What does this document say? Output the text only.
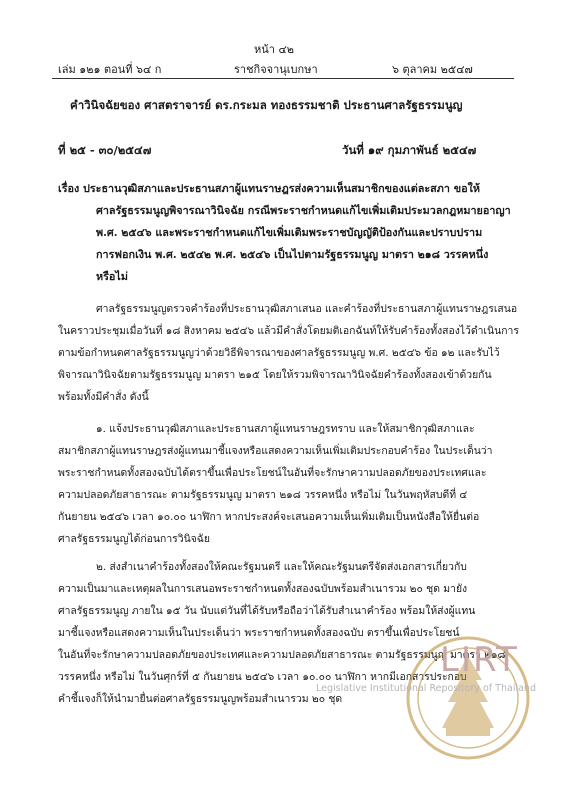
หน้า ๔๒
เล่ม ๑๒๑ ตอนที่ ๖๔ ก	ราชกิจจานุเบกษา	๖ ตุลาคม ๒๕๔๗
คำวินิจฉัยของ ศาสตราจารย์ ดร.กระมล ทองธรรมชาติ ประธานศาลรัฐธรรมนูญ
ที่ ๒๕ - ๓๐/๒๕๔๗	วันที่ ๑๙ กุมภาพันธ์ ๒๕๔๗
เรื่อง ประธานวุฒิสภาและประธานสภาผู้แทนราษฎรส่งความเห็นสมาชิกของแต่ละสภา ขอให้
ศาลรัฐธรรมนูญพิจารณาวินิจฉัย กรณีพระราชกำหนดแก้ไขเพิ่มเติมประมวลกฎหมายอาญา
พ.ศ. ๒๕๔๖ และพระราชกำหนดแก้ไขเพิ่มเติมพระราชบัญญัติป้องกันและปราบปราม
การฟอกเงิน พ.ศ. ๒๕๔๒ พ.ศ. ๒๕๔๖ เป็นไปตามรัฐธรรมนูญ มาตรา ๒๑๘ วรรคหนึ่ง
หรือไม่
ศาลรัฐธรรมนูญตรวจคำร้องที่ประธานวุฒิสภาเสนอ และคำร้องที่ประธานสภาผู้แทนราษฎรเสนอ
ในคราวประชุมเมื่อวันที่ ๑๘ สิงหาคม ๒๕๔๖ แล้วมีคำสั่งโดยมติเอกฉันท์ให้รับคำร้องทั้งสองไว้ดำเนินการ
ตามข้อกำหนดศาลรัฐธรรมนูญว่าด้วยวิธีพิจารณาของศาลรัฐธรรมนูญ พ.ศ. ๒๕๔๖ ข้อ ๑๒ และรับไว้
พิจารณาวินิจฉัยตามรัฐธรรมนูญ มาตรา ๒๑๕ โดยให้รวมพิจารณาวินิจฉัยคำร้องทั้งสองเข้าด้วยกัน
พร้อมทั้งมีคำสั่ง ดังนี้
๑. แจ้งประธานวุฒิสภาและประธานสภาผู้แทนราษฎรทราบ และให้สมาชิกวุฒิสภาและ
สมาชิกสภาผู้แทนราษฎรส่งผู้แทนมาชี้แจงหรือแสดงความเห็นเพิ่มเติมประกอบคำร้อง ในประเด็นว่า
พระราชกำหนดทั้งสองฉบับได้ตราขึ้นเพื่อประโยชน์ในอันที่จะรักษาความปลอดภัยของประเทศและ
ความปลอดภัยสาธารณะ ตามรัฐธรรมนูญ มาตรา ๒๑๘ วรรคหนึ่ง หรือไม่ ในวันพฤหัสบดีที่ ๔
กันยายน ๒๕๔๖ เวลา ๑๐.๐๐ นาฬิกา หากประสงค์จะเสนอความเห็นเพิ่มเติมเป็นหนังสือให้ยื่นต่อ
ศาลรัฐธรรมนูญได้ก่อนการวินิจฉัย
๒. ส่งสำเนาคำร้องทั้งสองให้คณะรัฐมนตรี และให้คณะรัฐมนตรีจัดส่งเอกสารเกี่ยวกับ
ความเป็นมาและเหตุผลในการเสนอพระราชกำหนดทั้งสองฉบับพร้อมสำเนารวม ๒๐ ชุด มายัง
ศาลรัฐธรรมนูญ ภายใน ๑๕ วัน นับแต่วันที่ได้รับหรือถือว่าได้รับสำเนาคำร้อง พร้อมให้ส่งผู้แทน
มาชี้แจงหรือแสดงความเห็นในประเด็นว่า พระราชกำหนดทั้งสองฉบับ ตราขึ้นเพื่อประโยชน์
ในอันที่จะรักษาความปลอดภัยของประเทศและความปลอดภัยสาธารณะ ตามรัฐธรรมนูญ มาตรา ๒๑๘
วรรคหนึ่ง หรือไม่ ในวันศุกร์ที่ ๕ กันยายน ๒๕๔๖ เวลา ๑๐.๐๐ นาฬิกา หากมีเอกสารประกอบ
คำชี้แจงก็ให้นำมายื่นต่อศาลรัฐธรรมนูญพร้อมสำเนารวม ๒๐ ชุด
LIRT
Legislative Institutional Repository of Thailand
